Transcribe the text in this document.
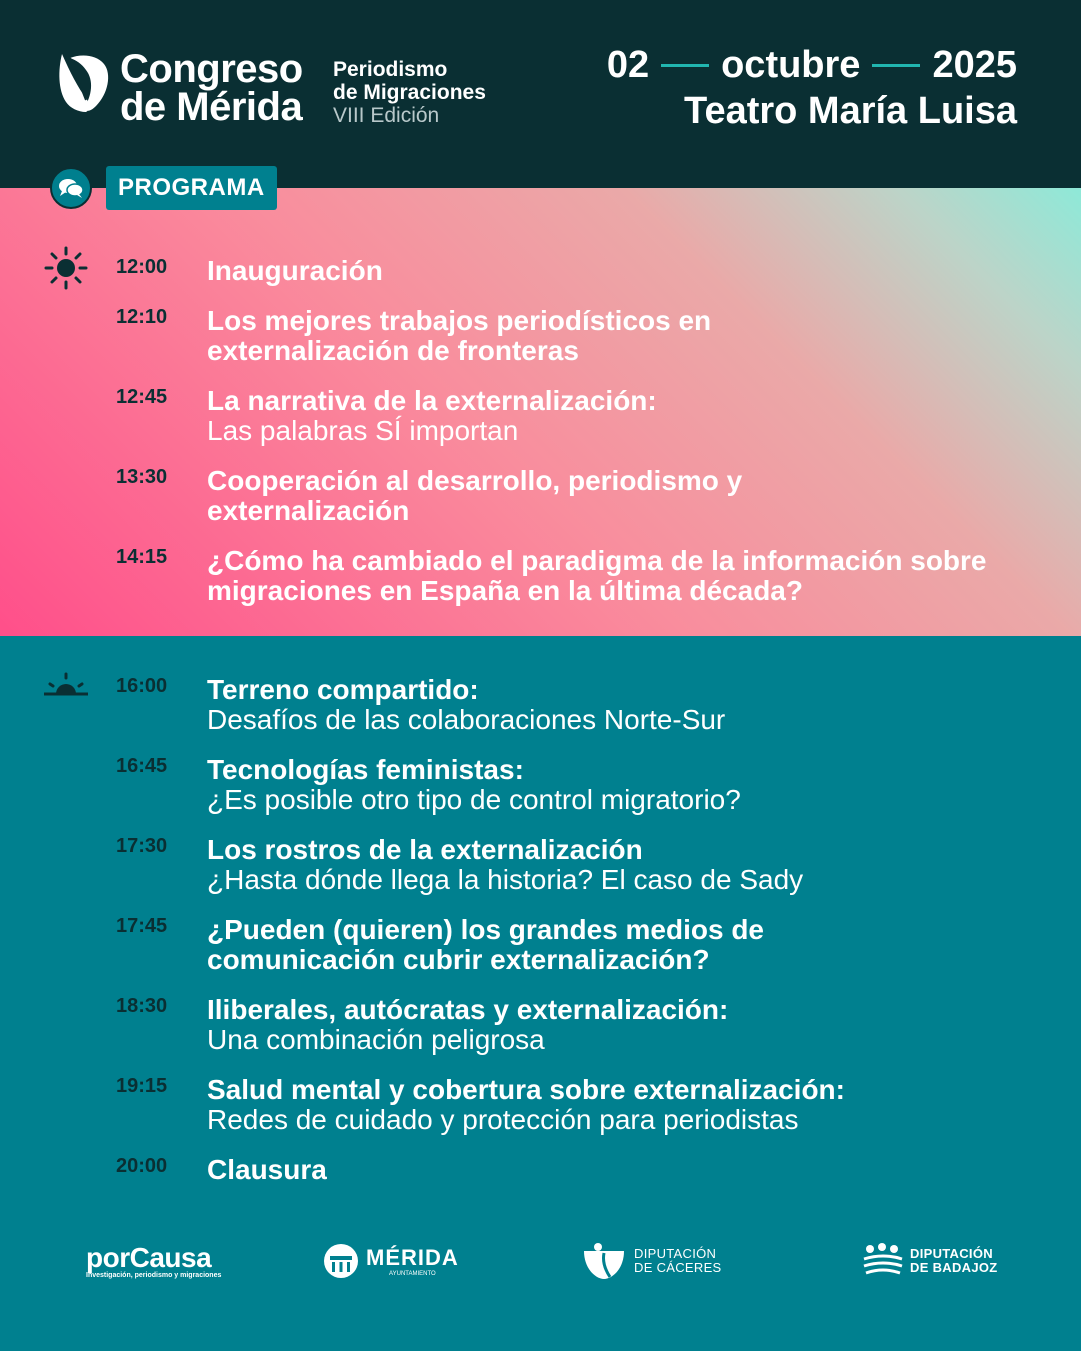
Congreso
de Mérida
Periodismo
de Migraciones
VIII Edición
02 octubre 2025
Teatro María Luisa
PROGRAMA
12:00 Inauguración
12:10 Los mejores trabajos periodísticos en externalización de fronteras
12:45 La narrativa de la externalización:
Las palabras SÍ importan
13:30 Cooperación al desarrollo, periodismo y externalización
14:15 ¿Cómo ha cambiado el paradigma de la información sobre migraciones en España en la última década?
16:00 Terreno compartido:
Desafíos de las colaboraciones Norte-Sur
16:45 Tecnologías feministas:
¿Es posible otro tipo de control migratorio?
17:30 Los rostros de la externalización
¿Hasta dónde llega la historia? El caso de Sady
17:45 ¿Pueden (quieren) los grandes medios de comunicación cubrir externalización?
18:30 Iliberales, autócratas y externalización:
Una combinación peligrosa
19:15 Salud mental y cobertura sobre externalización:
Redes de cuidado y protección para periodistas
20:00 Clausura
porCausa
Investigación, periodismo y migraciones
MÉRIDA
AYUNTAMIENTO
DIPUTACIÓN
DE CÁCERES
DIPUTACIÓN
DE BADAJOZ
